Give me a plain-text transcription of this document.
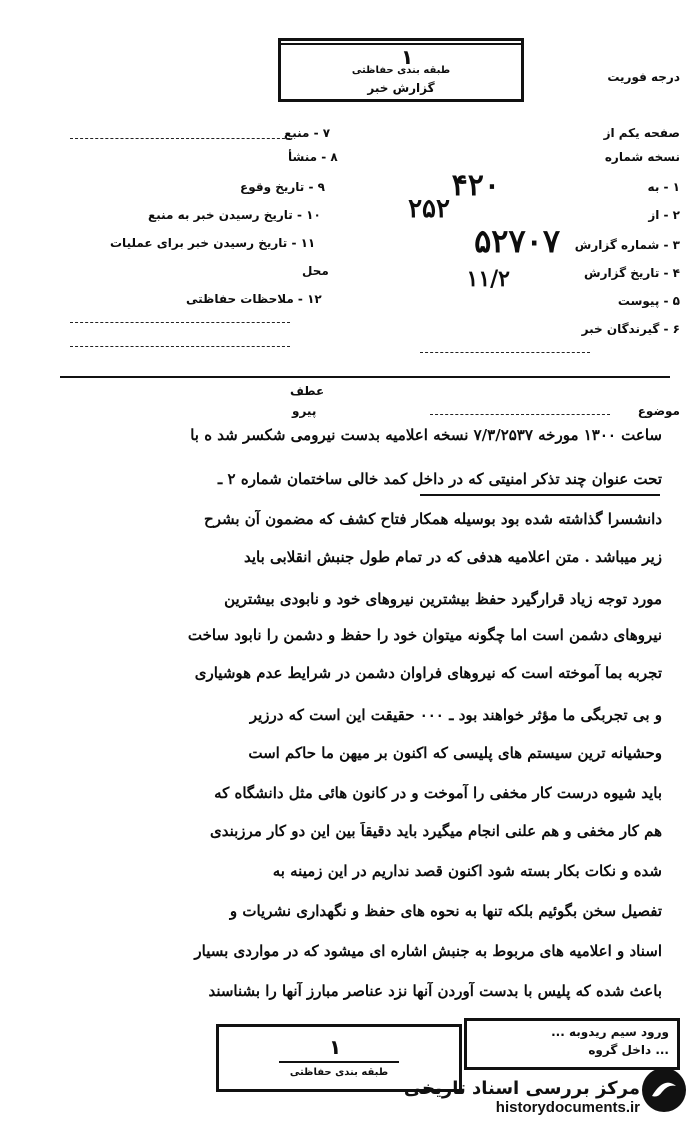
۱
طبقه بندی حفاظتی
گزارش خبر
درجه فوریت
صفحه یکم از
نسخه شماره
۱ - به
۴۲۰
۲ - از
۲۵۲
۳ - شماره گزارش
۵۲۷۰۷
۴ - تاریخ گزارش
۱۱/۲
۵ - پیوست
۶ - گیرندگان خبر
۷ - منبع
۸ - منشأ
۹ - تاریخ وقوع
۱۰ - تاریخ رسیدن خبر به منبع
۱۱ - تاریخ رسیدن خبر برای عملیات
محل
۱۲ - ملاحظات حفاظتی
عطف
پیرو	موضوع
ساعت ۱۳۰۰ مورخه ۷/۳/۲۵۳۷ نسخه اعلامیه بدست نیرومی شکسر شد ه با
تحت عنوان چند تذکر امنیتی که در داخل کمد خالی ساختمان شماره ۲ ـ
دانشسرا گذاشته شده بود بوسیله همکار فتاح کشف که مضمون آن بشرح
زیر میباشد . متن اعلامیه هدفی که در تمام طول جنبش انقلابی باید
مورد توجه زیاد قرارگیرد حفظ بیشترین نیروهای خود و نابودی بیشترین
نیروهای دشمن است اما چگونه میتوان خود را حفظ و دشمن را نابود ساخت
تجربه بما آموخته است که نیروهای فراوان دشمن در شرایط عدم هوشیاری
و بی تجربگی ما مؤثر خواهند بود ـ ۰۰۰ حقیقت این است که درزیر
وحشیانه ترین سیستم های پلیسی که اکنون بر میهن ما حاکم است
باید شیوه درست کار مخفی را آموخت و در کانون هائی مثل دانشگاه که
هم کار مخفی و هم علنی انجام میگیرد باید دقیقاً بین این دو کار مرزبندی
شده و نکات بکار بسته شود اکنون قصد نداریم در این زمینه به
تفصیل سخن بگوئیم بلکه تنها به نحوه های حفظ و نگهداری نشریات و
اسناد و اعلامیه های مربوط به جنبش اشاره ای میشود که در مواردی بسیار
باعث شده که پلیس با بدست آوردن آنها نزد عناصر مبارز آنها را بشناسند
۱
طبقه بندی حفاظتی
ورود سیم ریدوبه ...
... داخل گروه
مرکز بررسی اسناد تاریخی
historydocuments.ir
